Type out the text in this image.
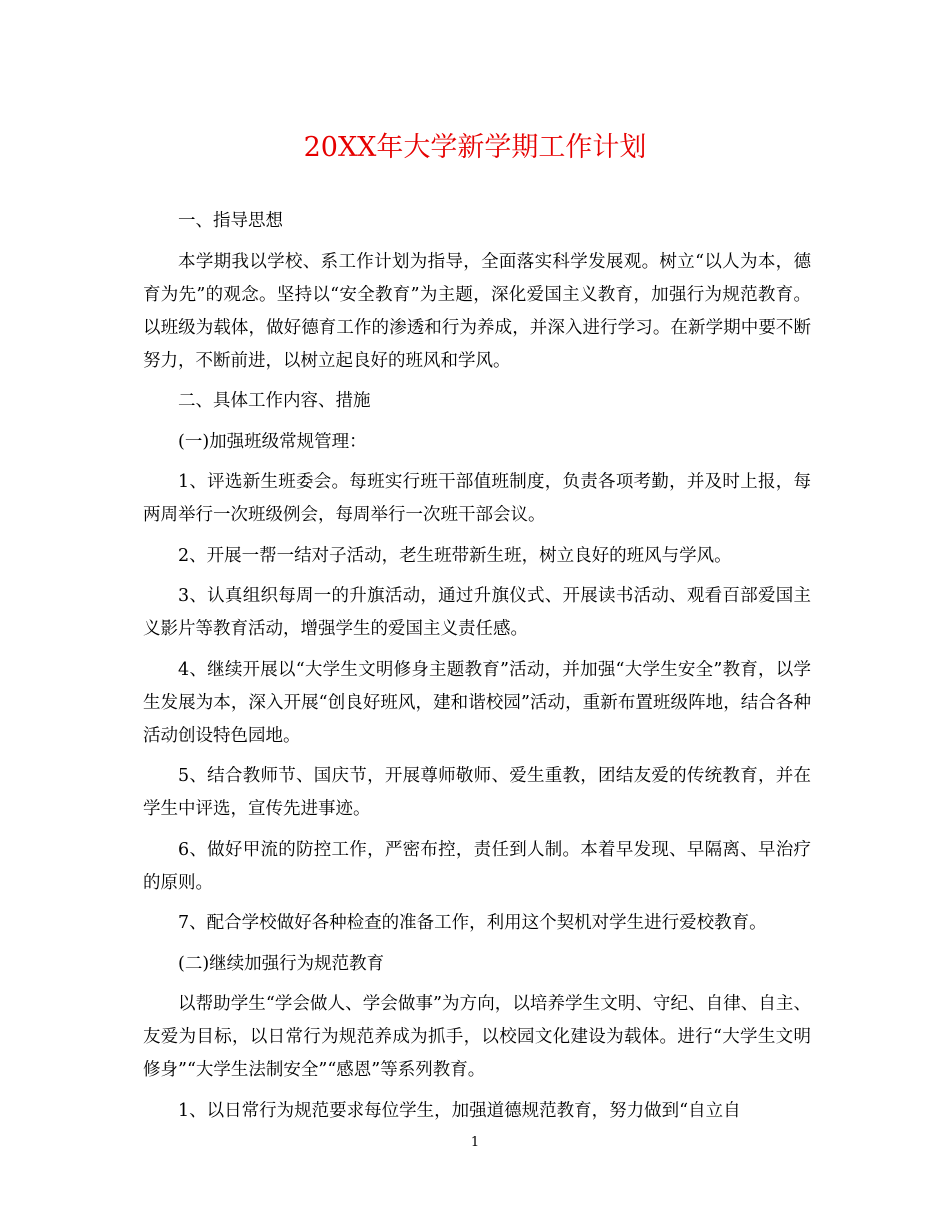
20XX年大学新学期工作计划

一、指导思想

本学期我以学校、系工作计划为指导，全面落实科学发展观。树立“以人为本，德育为先”的观念。坚持以“安全教育”为主题，深化爱国主义教育，加强行为规范教育。以班级为载体，做好德育工作的渗透和行为养成，并深入进行学习。在新学期中要不断努力，不断前进，以树立起良好的班风和学风。

二、具体工作内容、措施

(一)加强班级常规管理：

1、评选新生班委会。每班实行班干部值班制度，负责各项考勤，并及时上报，每两周举行一次班级例会，每周举行一次班干部会议。

2、开展一帮一结对子活动，老生班带新生班，树立良好的班风与学风。

3、认真组织每周一的升旗活动，通过升旗仪式、开展读书活动、观看百部爱国主义影片等教育活动，增强学生的爱国主义责任感。

4、继续开展以“大学生文明修身主题教育”活动，并加强“大学生安全”教育，以学生发展为本，深入开展“创良好班风，建和谐校园”活动，重新布置班级阵地，结合各种活动创设特色园地。

5、结合教师节、国庆节，开展尊师敬师、爱生重教，团结友爱的传统教育，并在学生中评选，宣传先进事迹。

6、做好甲流的防控工作，严密布控，责任到人制。本着早发现、早隔离、早治疗的原则。

7、配合学校做好各种检查的准备工作，利用这个契机对学生进行爱校教育。

(二)继续加强行为规范教育

以帮助学生“学会做人、学会做事”为方向，以培养学生文明、守纪、自律、自主、友爱为目标，以日常行为规范养成为抓手，以校园文化建设为载体。进行“大学生文明修身”“大学生法制安全”“感恩”等系列教育。

1、以日常行为规范要求每位学生，加强道德规范教育，努力做到“自立自

1
